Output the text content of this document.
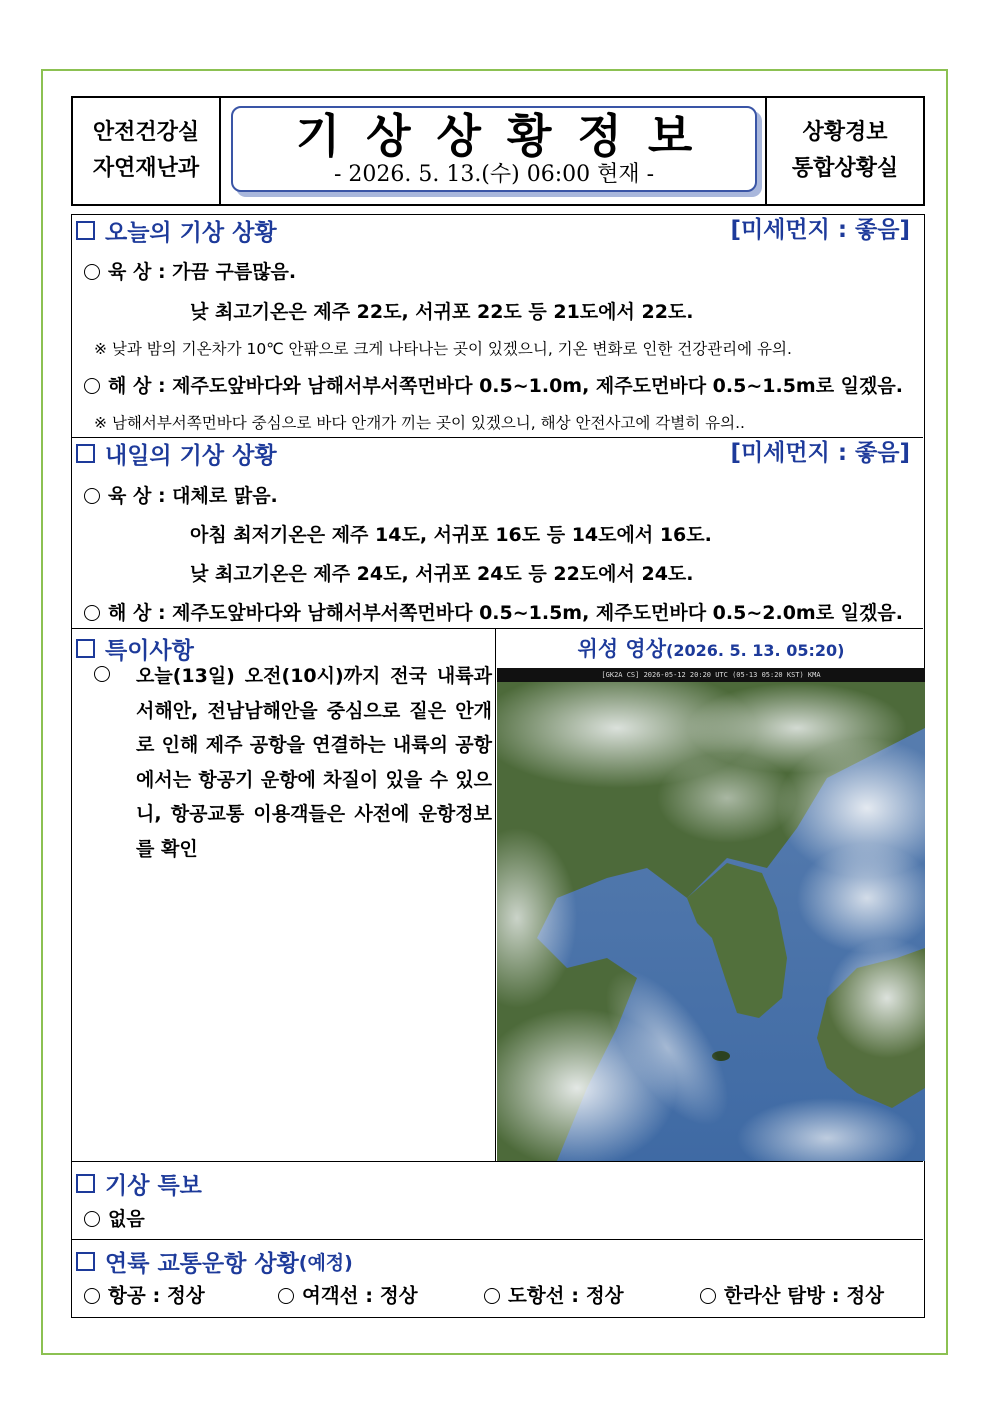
안전건강실
자연재난과
기상상황정보
- 2026. 5. 13.(수) 06:00 현재 -
상황경보
통합상황실
오늘의 기상 상황	[미세먼지 : 좋음]
육 상 : 가끔 구름많음.
낮 최고기온은 제주 22도, 서귀포 22도 등 21도에서 22도.
※ 낮과 밤의 기온차가 10℃ 안팎으로 크게 나타나는 곳이 있겠으니, 기온 변화로 인한 건강관리에 유의.
해 상 : 제주도앞바다와 남해서부서쪽먼바다 0.5~1.0m, 제주도먼바다 0.5~1.5m로 일겠음.
※ 남해서부서쪽먼바다 중심으로 바다 안개가 끼는 곳이 있겠으니, 해상 안전사고에 각별히 유의..
내일의 기상 상황	[미세먼지 : 좋음]
육 상 : 대체로 맑음.
아침 최저기온은 제주 14도, 서귀포 16도 등 14도에서 16도.
낮 최고기온은 제주 24도, 서귀포 24도 등 22도에서 24도.
해 상 : 제주도앞바다와 남해서부서쪽먼바다 0.5~1.5m, 제주도먼바다 0.5~2.0m로 일겠음.
특이사항
오늘(13일) 오전(10시)까지 전국 내륙과 서해안, 전남남해안을 중심으로 짙은 안개로 인해 제주 공항을 연결하는 내륙의 공항에서는 항공기 운항에 차질이 있을 수 있으니, 항공교통 이용객들은 사전에 운항정보를 확인
위성 영상(2026. 5. 13. 05:20)
[GK2A CS] 2026-05-12 20:20 UTC (05-13 05:20 KST) KMA
기상 특보
없음
연륙 교통운항 상황 (예정)
항공 : 정상	여객선 : 정상	도항선 : 정상	한라산 탐방 : 정상
